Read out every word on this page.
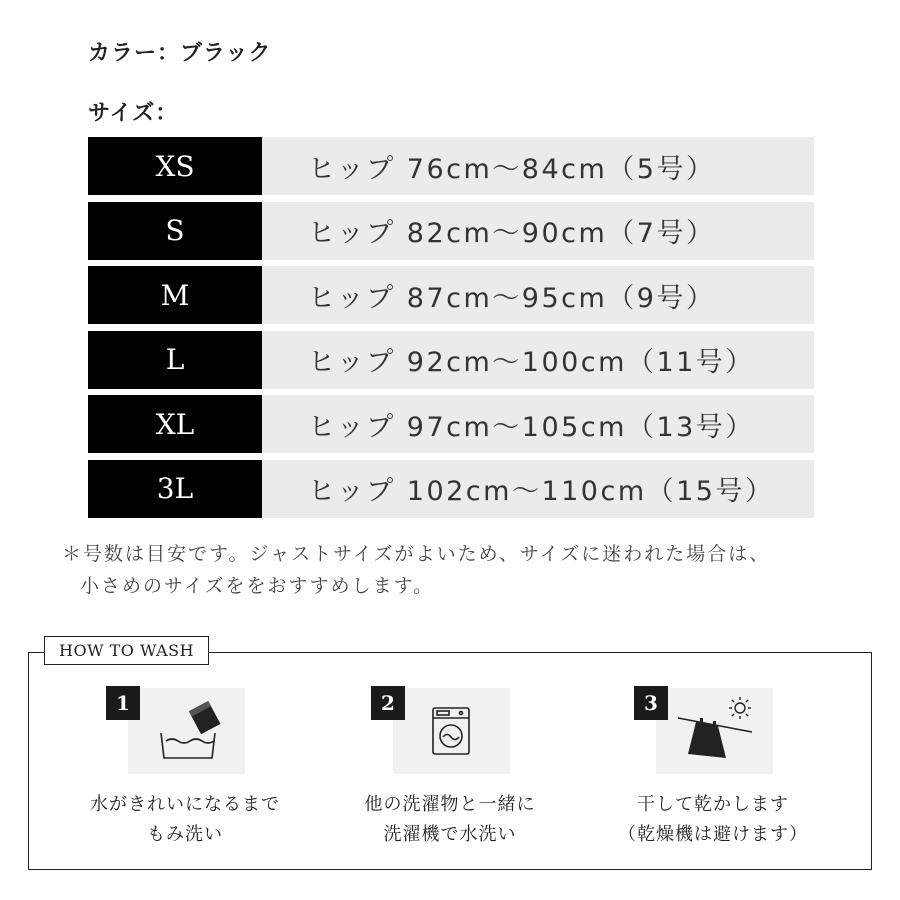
カラー：ブラック
サイズ：
XS	ヒップ 76cm〜84cm（5号）
S	ヒップ 82cm〜90cm（7号）
M	ヒップ 87cm〜95cm（9号）
L	ヒップ 92cm〜100cm（11号）
XL	ヒップ 97cm〜105cm（13号）
3L	ヒップ 102cm〜110cm（15号）
＊号数は目安です。ジャストサイズがよいため、サイズに迷われた場合は、
小さめのサイズををおすすめします。
HOW TO WASH
1
水がきれいになるまで
もみ洗い
2
他の洗濯物と一緒に
洗濯機で水洗い
3
干して乾かします
（乾燥機は避けます）
